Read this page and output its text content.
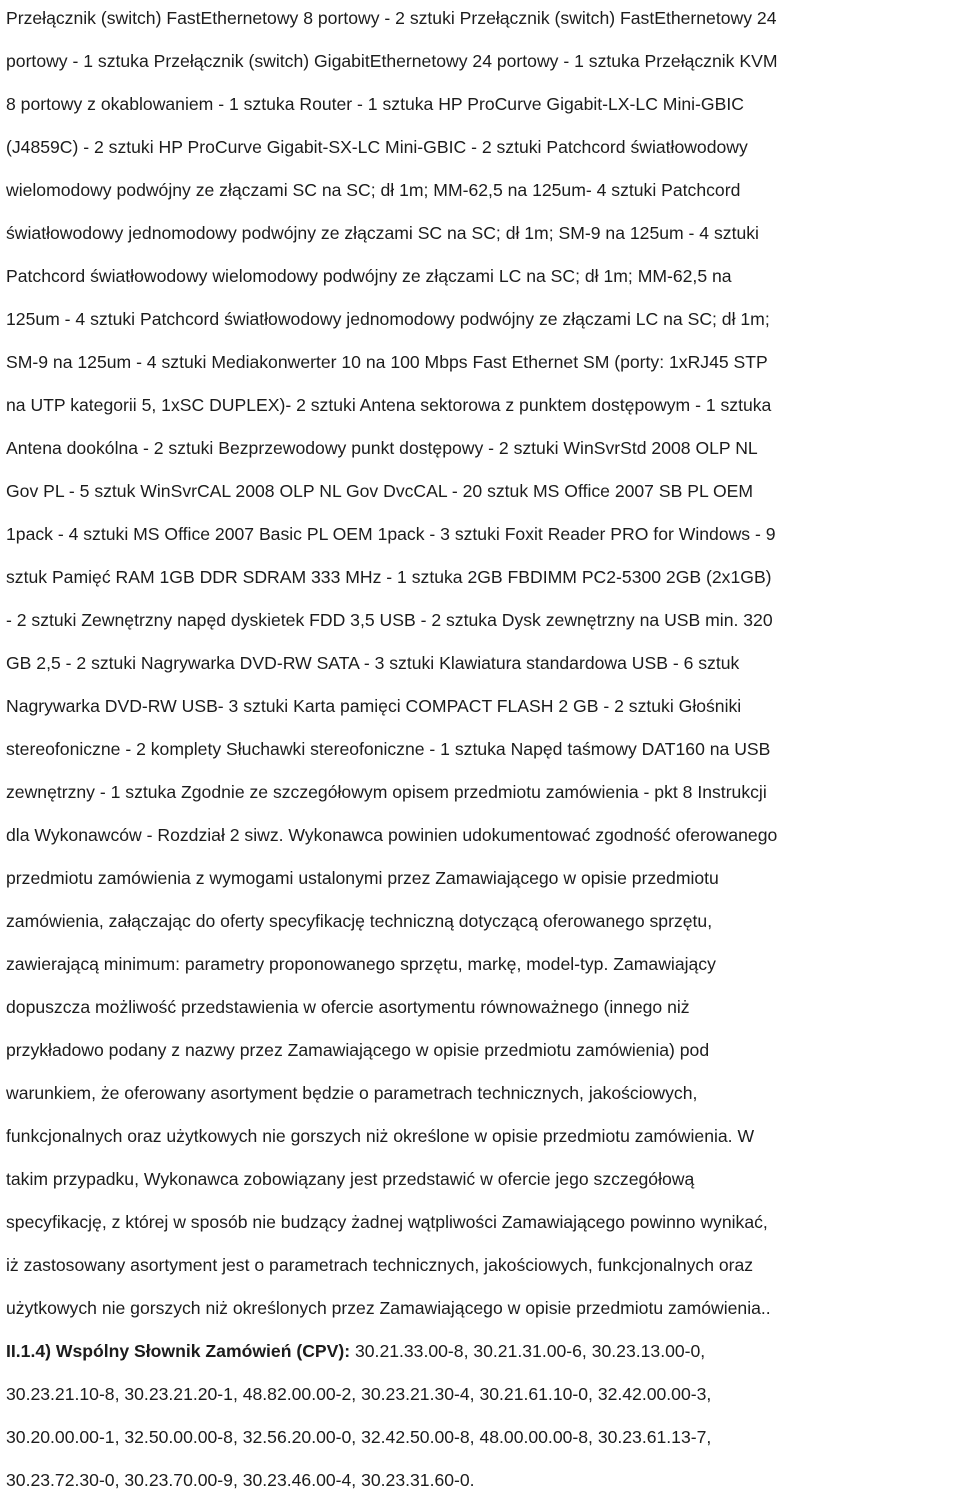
Przełącznik (switch) FastEthernetowy 8 portowy - 2 sztuki Przełącznik (switch) FastEthernetowy 24
portowy - 1 sztuka Przełącznik (switch) GigabitEthernetowy 24 portowy - 1 sztuka Przełącznik KVM
8 portowy z okablowaniem - 1 sztuka Router - 1 sztuka HP ProCurve Gigabit-LX-LC Mini-GBIC
(J4859C) - 2 sztuki HP ProCurve Gigabit-SX-LC Mini-GBIC - 2 sztuki Patchcord światłowodowy
wielomodowy podwójny ze złączami SC na SC; dł 1m; MM-62,5 na 125um- 4 sztuki Patchcord
światłowodowy jednomodowy podwójny ze złączami SC na SC; dł 1m; SM-9 na 125um - 4 sztuki
Patchcord światłowodowy wielomodowy podwójny ze złączami LC na SC; dł 1m; MM-62,5 na
125um - 4 sztuki Patchcord światłowodowy jednomodowy podwójny ze złączami LC na SC; dł 1m;
SM-9 na 125um - 4 sztuki Mediakonwerter 10 na 100 Mbps Fast Ethernet SM (porty: 1xRJ45 STP
na UTP kategorii 5, 1xSC DUPLEX)- 2 sztuki Antena sektorowa z punktem dostępowym - 1 sztuka
Antena dookólna - 2 sztuki Bezprzewodowy punkt dostępowy - 2 sztuki WinSvrStd 2008 OLP NL
Gov PL - 5 sztuk WinSvrCAL 2008 OLP NL Gov DvcCAL - 20 sztuk MS Office 2007 SB PL OEM
1pack - 4 sztuki MS Office 2007 Basic PL OEM 1pack - 3 sztuki Foxit Reader PRO for Windows - 9
sztuk Pamięć RAM 1GB DDR SDRAM 333 MHz - 1 sztuka 2GB FBDIMM PC2-5300 2GB (2x1GB)
- 2 sztuki Zewnętrzny napęd dyskietek FDD 3,5 USB - 2 sztuka Dysk zewnętrzny na USB min. 320
GB 2,5 - 2 sztuki Nagrywarka DVD-RW SATA - 3 sztuki Klawiatura standardowa USB - 6 sztuk
Nagrywarka DVD-RW USB- 3 sztuki Karta pamięci COMPACT FLASH 2 GB - 2 sztuki Głośniki
stereofoniczne - 2 komplety Słuchawki stereofoniczne - 1 sztuka Napęd taśmowy DAT160 na USB
zewnętrzny - 1 sztuka Zgodnie ze szczegółowym opisem przedmiotu zamówienia - pkt 8 Instrukcji
dla Wykonawców - Rozdział 2 siwz. Wykonawca powinien udokumentować zgodność oferowanego
przedmiotu zamówienia z wymogami ustalonymi przez Zamawiającego w opisie przedmiotu
zamówienia, załączając do oferty specyfikację techniczną dotyczącą oferowanego sprzętu,
zawierającą minimum: parametry proponowanego sprzętu, markę, model-typ. Zamawiający
dopuszcza możliwość przedstawienia w ofercie asortymentu równoważnego (innego niż
przykładowo podany z nazwy przez Zamawiającego w opisie przedmiotu zamówienia) pod
warunkiem, że oferowany asortyment będzie o parametrach technicznych, jakościowych,
funkcjonalnych oraz użytkowych nie gorszych niż określone w opisie przedmiotu zamówienia. W
takim przypadku, Wykonawca zobowiązany jest przedstawić w ofercie jego szczegółową
specyfikację, z której w sposób nie budzący żadnej wątpliwości Zamawiającego powinno wynikać,
iż zastosowany asortyment jest o parametrach technicznych, jakościowych, funkcjonalnych oraz
użytkowych nie gorszych niż określonych przez Zamawiającego w opisie przedmiotu zamówienia..
II.1.4) Wspólny Słownik Zamówień (CPV): 30.21.33.00-8, 30.21.31.00-6, 30.23.13.00-0,
30.23.21.10-8, 30.23.21.20-1, 48.82.00.00-2, 30.23.21.30-4, 30.21.61.10-0, 32.42.00.00-3,
30.20.00.00-1, 32.50.00.00-8, 32.56.20.00-0, 32.42.50.00-8, 48.00.00.00-8, 30.23.61.13-7,
30.23.72.30-0, 30.23.70.00-9, 30.23.46.00-4, 30.23.31.60-0.
